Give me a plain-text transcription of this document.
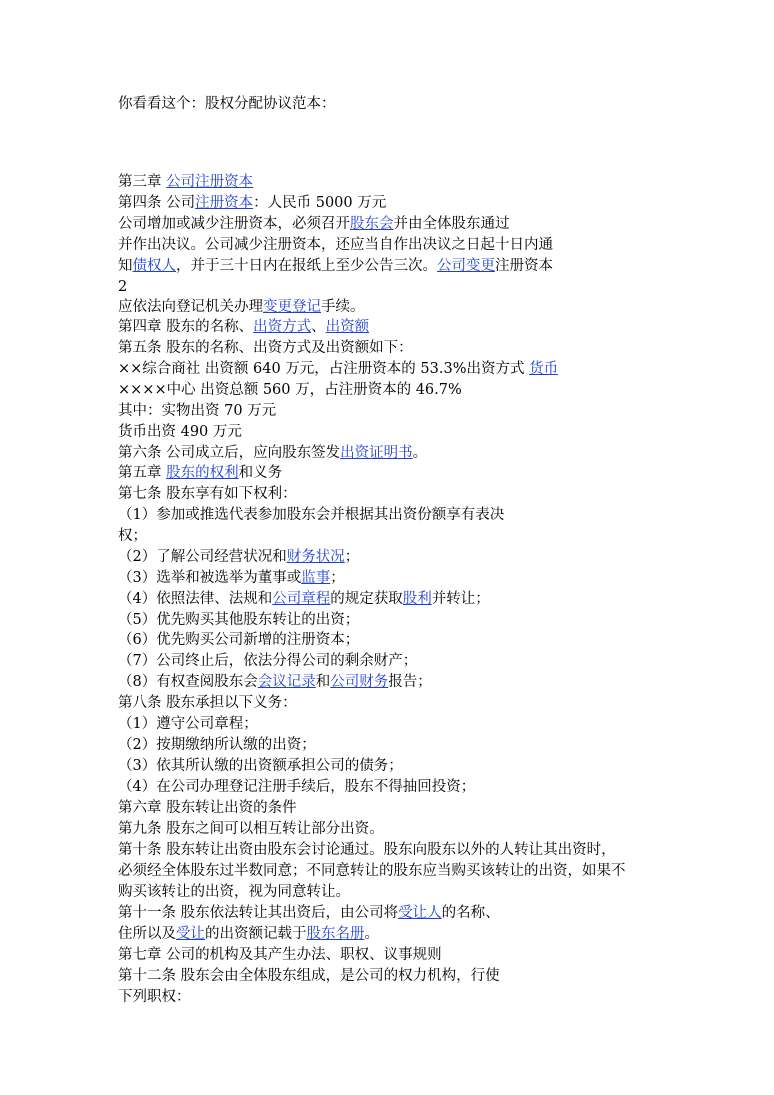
你看看这个：股权分配协议范本：
第三章 公司注册资本
第四条 公司注册资本：人民币 5000 万元
公司增加或减少注册资本，必须召开股东会并由全体股东通过
并作出决议。公司减少注册资本，还应当自作出决议之日起十日内通
知债权人，并于三十日内在报纸上至少公告三次。公司变更注册资本
2
应依法向登记机关办理变更登记手续。
第四章 股东的名称、出资方式、出资额
第五条 股东的名称、出资方式及出资额如下：
××综合商社 出资额 640 万元，占注册资本的 53.3%出资方式 货币
××××中心 出资总额 560 万，占注册资本的 46.7%
其中：实物出资 70 万元
货币出资 490 万元
第六条 公司成立后，应向股东签发出资证明书。
第五章 股东的权利和义务
第七条 股东享有如下权利：
（1）参加或推选代表参加股东会并根据其出资份额享有表决
权；
（2）了解公司经营状况和财务状况；
（3）选举和被选举为董事或监事；
（4）依照法律、法规和公司章程的规定获取股利并转让；
（5）优先购买其他股东转让的出资；
（6）优先购买公司新增的注册资本；
（7）公司终止后，依法分得公司的剩余财产；
（8）有权查阅股东会会议记录和公司财务报告；
第八条 股东承担以下义务：
（1）遵守公司章程；
（2）按期缴纳所认缴的出资；
（3）依其所认缴的出资额承担公司的债务；
（4）在公司办理登记注册手续后，股东不得抽回投资；
第六章 股东转让出资的条件
第九条 股东之间可以相互转让部分出资。
第十条 股东转让出资由股东会讨论通过。股东向股东以外的人转让其出资时，
必须经全体股东过半数同意；不同意转让的股东应当购买该转让的出资，如果不
购买该转让的出资，视为同意转让。
第十一条 股东依法转让其出资后，由公司将受让人的名称、
住所以及受让的出资额记载于股东名册。
第七章 公司的机构及其产生办法、职权、议事规则
第十二条 股东会由全体股东组成，是公司的权力机构，行使
下列职权：
